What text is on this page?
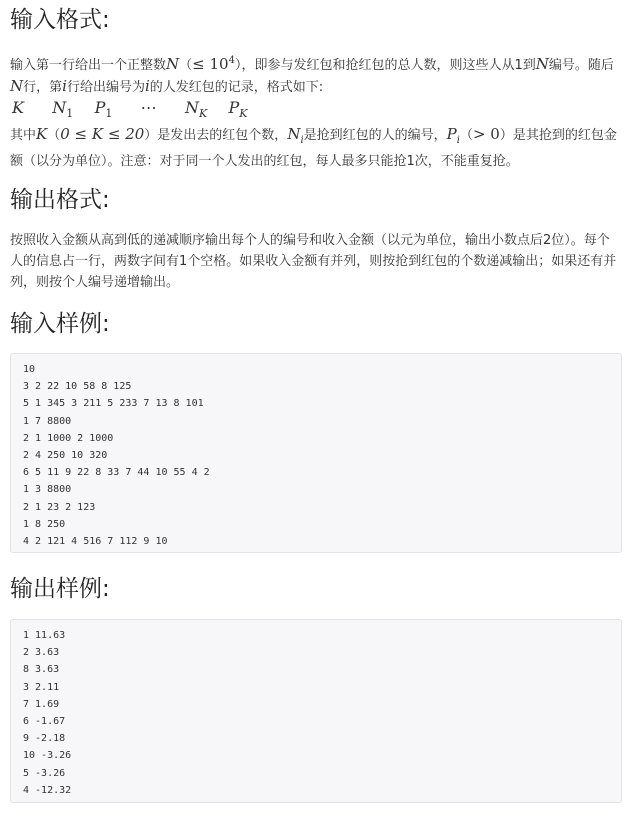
输入格式:

输入第一行给出一个正整数$N(\le 10^4)$，即参与发红包和抢红包的总人数，则这些人从1到N编号。随后N行，第i行给出编号为i的人发红包的记录，格式如下:

K $N_1$ $P_1$ ⋯ $N_K$ $P_K$

其中K（0 ≤ K ≤ 20）是发出去的红包个数，$N_i$是抢到红包的人的编号，$P_i(> 0)$是其抢到的红包金额（以分为单位）。注意：对于同一个人发出的红包，每人最多只能抢1次，不能重复抢。

输出格式:

按照收入金额从高到低的递减顺序输出每个人的编号和收入金额（以元为单位，输出小数点后2位）。每个人的信息占一行，两数字间有1个空格。如果收入金额有并列，则按抢到红包的个数递减输出；如果还有并列，则按个人编号递增输出。

输入样例:
10
3 2 22 10 58 8 125
5 1 345 3 211 5 233 7 13 8 101
1 7 8800
2 1 1000 2 1000
2 4 250 10 320
6 5 11 9 22 8 33 7 44 10 55 4 2
1 3 8800
2 1 23 2 123
1 8 250
4 2 121 4 516 7 112 9 10
输出样例:
1 11.63
2 3.63
8 3.63
3 2.11
7 1.69
6 -1.67
9 -2.18
10 -3.26
5 -3.26
4 -12.32
